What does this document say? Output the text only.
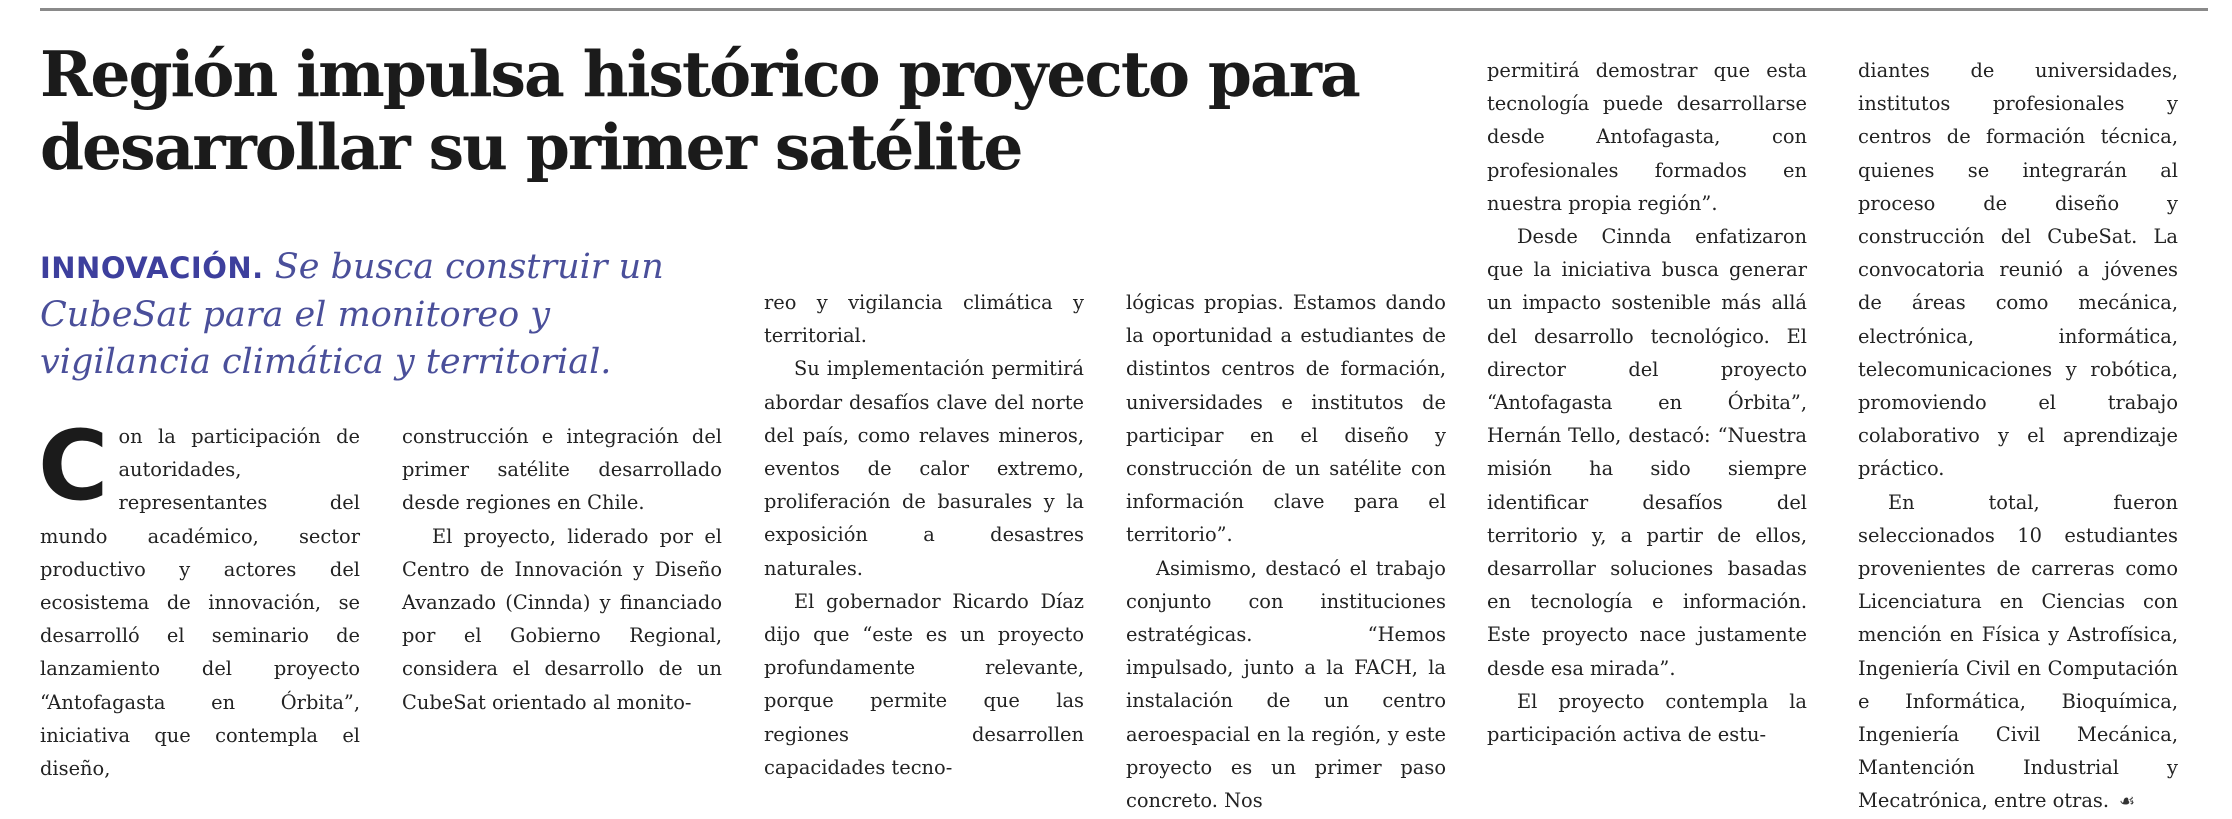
Región impulsa histórico proyecto para desarrollar su primer satélite
INNOVACIÓN. Se busca construir un CubeSat para el monitoreo y vigilancia climática y territorial.

Con la participación de autoridades, representantes del mundo académico, sector productivo y actores del ecosistema de innovación, se desarrolló el seminario de lanzamiento del proyecto “Antofagasta en Órbita”, iniciativa que contempla el diseño,

construcción e integración del primer satélite desarrollado desde regiones en Chile.

El proyecto, liderado por el Centro de Innovación y Diseño Avanzado (Cinnda) y financiado por el Gobierno Regional, considera el desarrollo de un CubeSat orientado al monito-

reo y vigilancia climática y territorial.

Su implementación permitirá abordar desafíos clave del norte del país, como relaves mineros, eventos de calor extremo, proliferación de basurales y la exposición a desastres naturales.

El gobernador Ricardo Díaz dijo que “este es un proyecto profundamente relevante, porque permite que las regiones desarrollen capacidades tecno-

lógicas propias. Estamos dando la oportunidad a estudiantes de distintos centros de formación, universidades e institutos de participar en el diseño y construcción de un satélite con información clave para el territorio”.

Asimismo, destacó el trabajo conjunto con instituciones estratégicas. “Hemos impulsado, junto a la FACH, la instalación de un centro aeroespacial en la región, y este proyecto es un primer paso concreto. Nos

permitirá demostrar que esta tecnología puede desarrollarse desde Antofagasta, con profesionales formados en nuestra propia región”.

Desde Cinnda enfatizaron que la iniciativa busca generar un impacto sostenible más allá del desarrollo tecnológico. El director del proyecto “Antofagasta en Órbita”, Hernán Tello, destacó: “Nuestra misión ha sido siempre identificar desafíos del territorio y, a partir de ellos, desarrollar soluciones basadas en tecnología e información. Este proyecto nace justamente desde esa mirada”.

El proyecto contempla la participación activa de estu-

diantes de universidades, institutos profesionales y centros de formación técnica, quienes se integrarán al proceso de diseño y construcción del CubeSat. La convocatoria reunió a jóvenes de áreas como mecánica, electrónica, informática, telecomunicaciones y robótica, promoviendo el trabajo colaborativo y el aprendizaje práctico.

En total, fueron seleccionados 10 estudiantes provenientes de carreras como Licenciatura en Ciencias con mención en Física y Astrofísica, Ingeniería Civil en Computación e Informática, Bioquímica, Ingeniería Civil Mecánica, Mantención Industrial y Mecatrónica, entre otras. ☙
